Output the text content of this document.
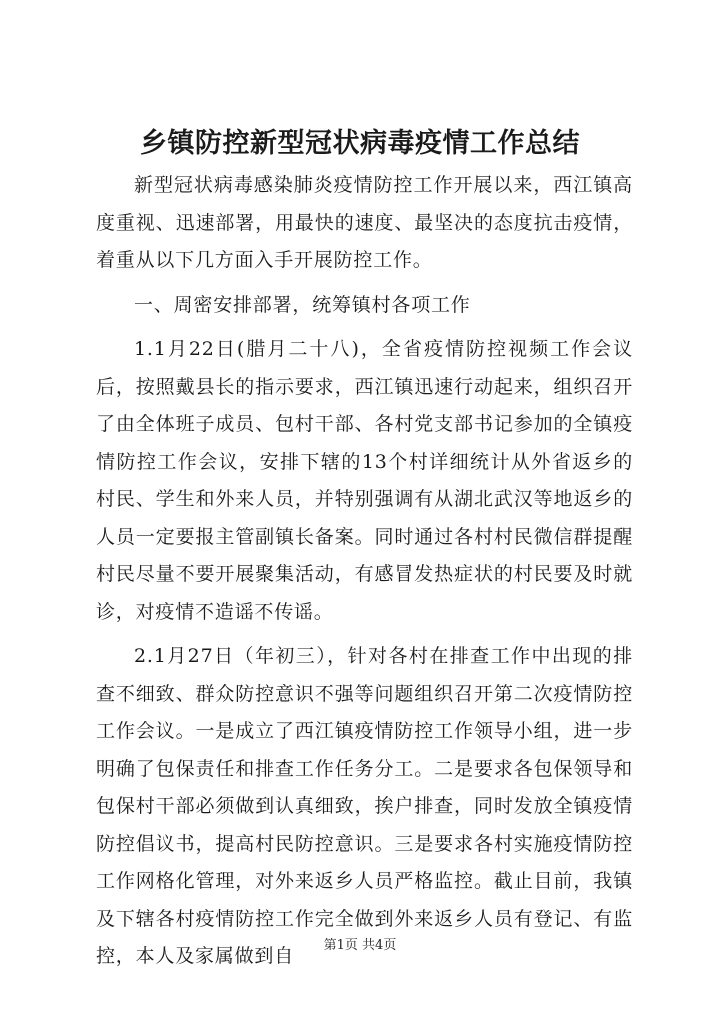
乡镇防控新型冠状病毒疫情工作总结

新型冠状病毒感染肺炎疫情防控工作开展以来，西江镇高度重视、迅速部署，用最快的速度、最坚决的态度抗击疫情，着重从以下几方面入手开展防控工作。

一、周密安排部署，统筹镇村各项工作

1.1月22日(腊月二十八)，全省疫情防控视频工作会议后，按照戴县长的指示要求，西江镇迅速行动起来，组织召开了由全体班子成员、包村干部、各村党支部书记参加的全镇疫情防控工作会议，安排下辖的13个村详细统计从外省返乡的村民、学生和外来人员，并特别强调有从湖北武汉等地返乡的人员一定要报主管副镇长备案。同时通过各村村民微信群提醒村民尽量不要开展聚集活动，有感冒发热症状的村民要及时就诊，对疫情不造谣不传谣。

2.1月27日（年初三），针对各村在排查工作中出现的排查不细致、群众防控意识不强等问题组织召开第二次疫情防控工作会议。一是成立了西江镇疫情防控工作领导小组，进一步明确了包保责任和排查工作任务分工。二是要求各包保领导和包保村干部必须做到认真细致，挨户排查，同时发放全镇疫情防控倡议书，提高村民防控意识。三是要求各村实施疫情防控工作网格化管理，对外来返乡人员严格监控。截止目前，我镇及下辖各村疫情防控工作完全做到外来返乡人员有登记、有监控，本人及家属做到自	第1页 共4页
